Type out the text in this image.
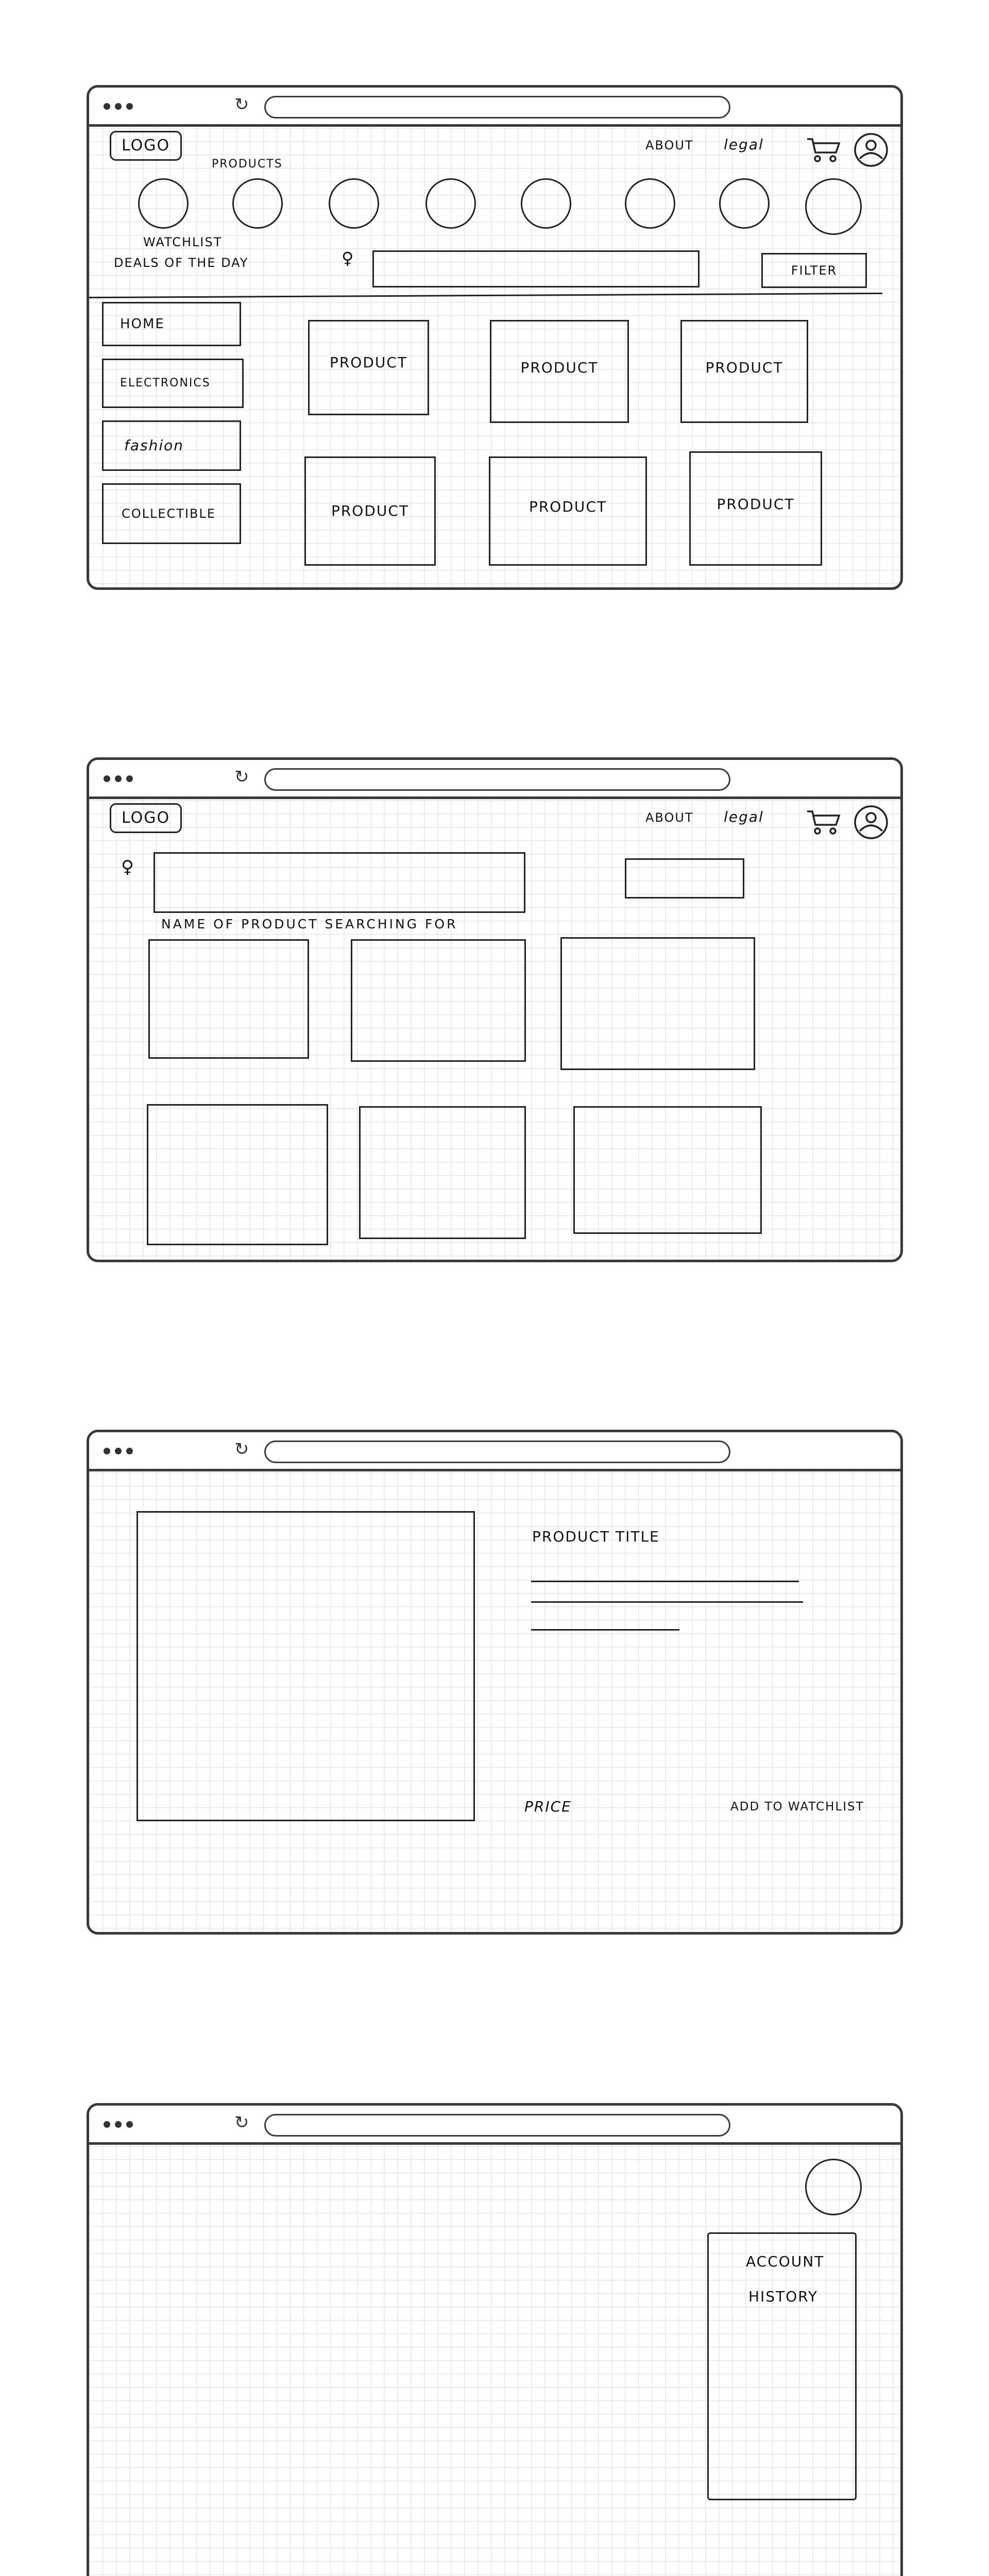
↻
LOGO
PRODUCTS
ABOUT legal
WATCHLIST
DEALS OF THE DAY	♀
FILTER
HOME
ELECTRONICS
fashion
COLLECTIBLE
PRODUCT	PRODUCT	PRODUCT
PRODUCT	PRODUCT	PRODUCT
↻
LOGO	ABOUT legal
♀
NAME OF PRODUCT SEARCHING FOR
↻
PRODUCT TITLE
PRICE	ADD TO WATCHLIST
↻
ACCOUNT
HISTORY
